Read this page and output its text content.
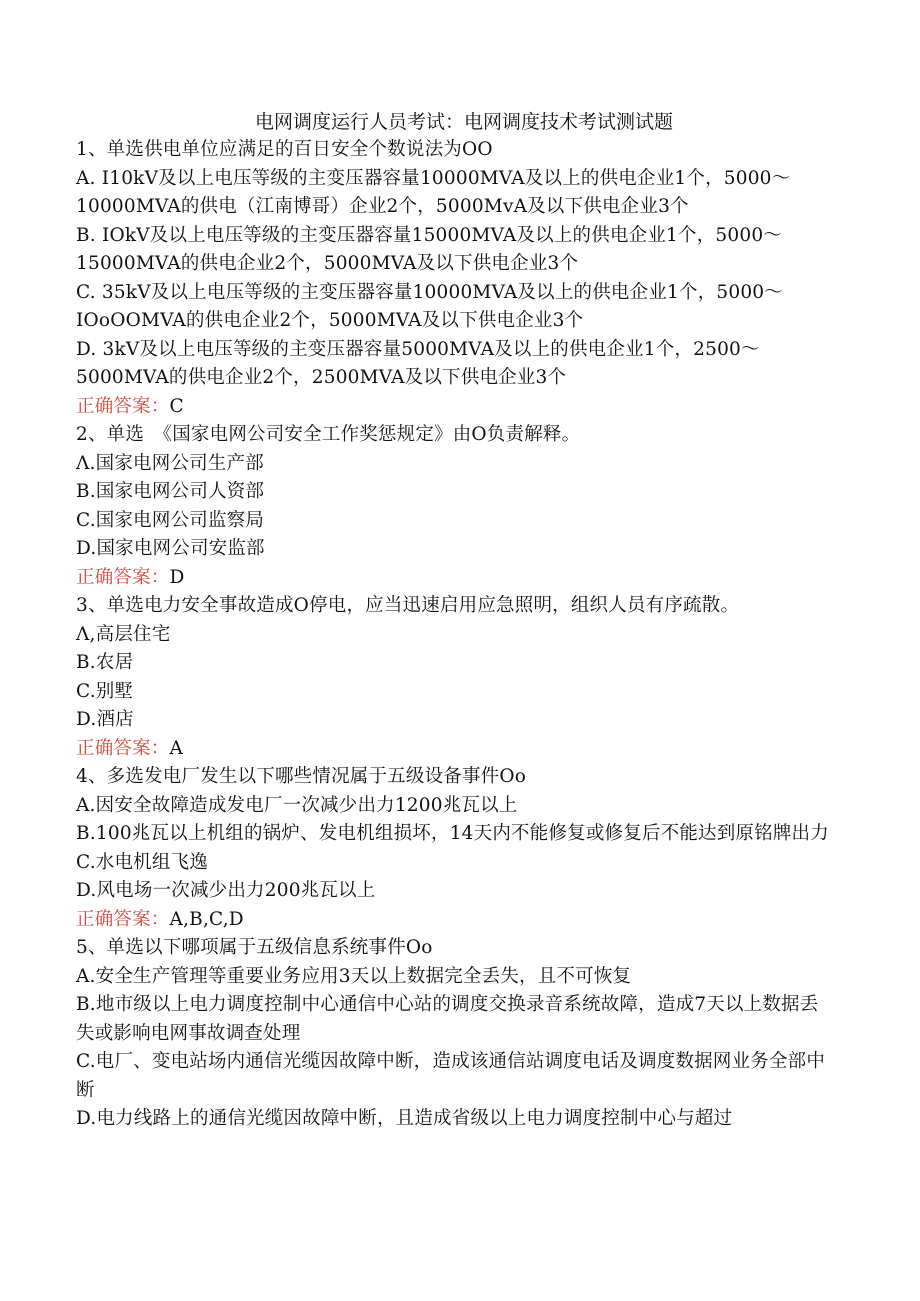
电网调度运行人员考试：电网调度技术考试测试题

1、单选供电单位应满足的百日安全个数说法为OO

A. I10kV及以上电压等级的主变压器容量10000MVA及以上的供电企业1个，5000～10000MVA的供电（江南博哥）企业2个，5000MvA及以下供电企业3个

B. IOkV及以上电压等级的主变压器容量15000MVA及以上的供电企业1个，5000～15000MVA的供电企业2个，5000MVA及以下供电企业3个

C. 35kV及以上电压等级的主变压器容量10000MVA及以上的供电企业1个，5000～IOoOOMVA的供电企业2个，5000MVA及以下供电企业3个

D. 3kV及以上电压等级的主变压器容量5000MVA及以上的供电企业1个，2500～5000MVA的供电企业2个，2500MVA及以下供电企业3个

正确答案：C

2、单选　《国家电网公司安全工作奖惩规定》由O负责解释。

Λ.国家电网公司生产部

B.国家电网公司人资部

C.国家电网公司监察局

D.国家电网公司安监部

正确答案：D

3、单选电力安全事故造成O停电，应当迅速启用应急照明，组织人员有序疏散。

Λ,高层住宅

B.农居

C.别墅

D.酒店

正确答案：A

4、多选发电厂发生以下哪些情况属于五级设备事件Oo

A.因安全故障造成发电厂一次减少出力1200兆瓦以上

B.100兆瓦以上机组的锅炉、发电机组损坏，14天内不能修复或修复后不能达到原铭牌出力

C.水电机组飞逸

D.风电场一次减少出力200兆瓦以上

正确答案：A,B,C,D

5、单选以下哪项属于五级信息系统事件Oo

A.安全生产管理等重要业务应用3天以上数据完全丢失，且不可恢复

B.地市级以上电力调度控制中心通信中心站的调度交换录音系统故障，造成7天以上数据丢失或影响电网事故调查处理

C.电厂、变电站场内通信光缆因故障中断，造成该通信站调度电话及调度数据网业务全部中断

D.电力线路上的通信光缆因故障中断，且造成省级以上电力调度控制中心与超过
